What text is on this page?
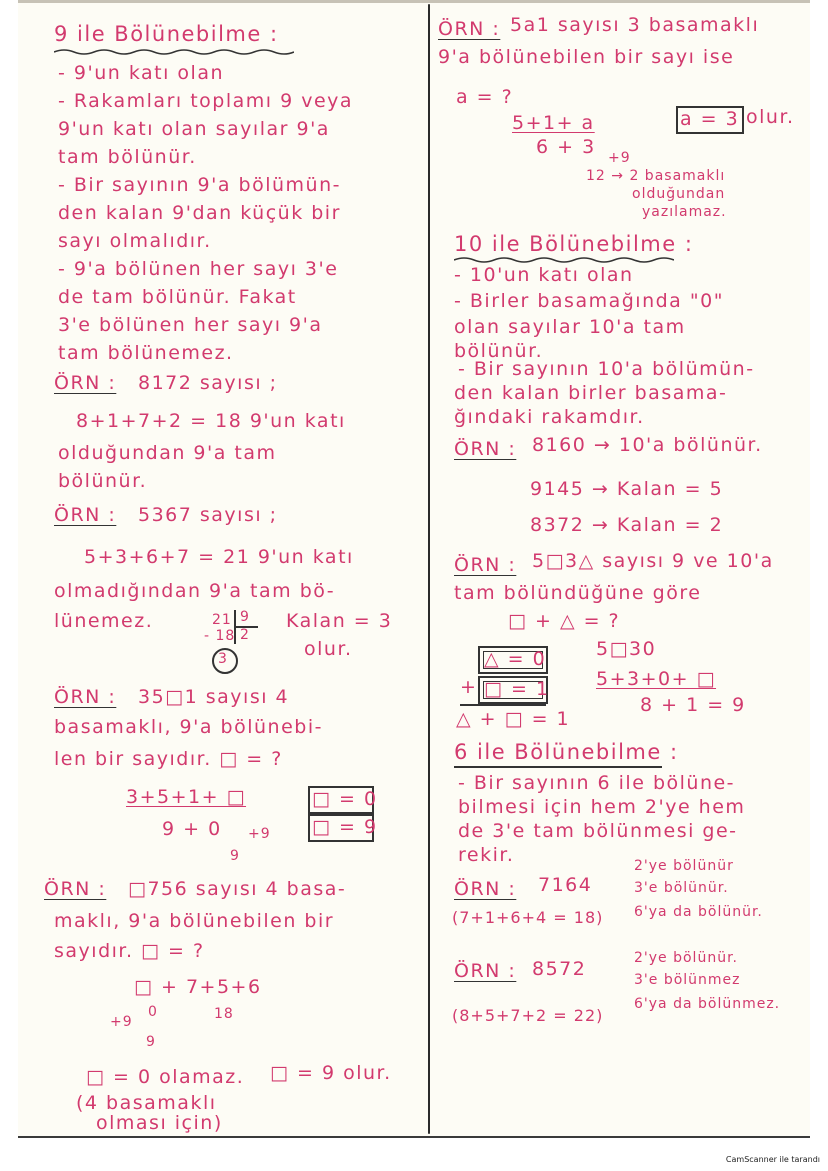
9 ile Bölünebilme :
- 9'un katı olan
- Rakamları toplamı 9 veya
9'un katı olan sayılar 9'a
tam bölünür.
- Bir sayının 9'a bölümün-
den kalan 9'dan küçük bir
sayı olmalıdır.
- 9'a bölünen her sayı 3'e
de tam bölünür. Fakat
3'e bölünen her sayı 9'a
tam bölünemez.
ÖRN : 8172 sayısı ;
8+1+7+2 = 18 9'un katı
olduğundan 9'a tam
bölünür.
ÖRN : 5367 sayısı ;
5+3+6+7 = 21 9'un katı
olmadığından 9'a tam bö-
lünemez.	21 9
2
- 18
3
Kalan = 3
olur.
ÖRN : 35□1 sayısı 4
basamaklı, 9'a bölünebi-
len bir sayıdır. □ = ?
3+5+1+ □
9 + 0 +9
9
□ = 0
□ = 9
ÖRN : □756 sayısı 4 basa-
maklı, 9'a bölünebilen bir
sayıdır. □ = ?
□ + 7+5+6
18
+9
0
9
□ = 0 olamaz. □ = 9 olur.
(4 basamaklı
olması için)
ÖRN : 5a1 sayısı 3 basamaklı
9'a bölünebilen bir sayı ise
a = ?
5+1+ a
6 + 3 +9
a = 3 olur.
12 → 2 basamaklı
olduğundan
yazılamaz.
10 ile Bölünebilme :
- 10'un katı olan
- Birler basamağında "0"
olan sayılar 10'a tam
bölünür.
- Bir sayının 10'a bölümün-
den kalan birler basama-
ğındaki rakamdır.
ÖRN : 8160 → 10'a bölünür.
9145 → Kalan = 5
8372 → Kalan = 2
ÖRN : 5□3△ sayısı 9 ve 10'a
tam bölündüğüne göre
□ + △ = ?
△ = 0
+ □ = 1
△ + □ = 1
5□30
5+3+0+ □
8 + 1 = 9
6 ile Bölünebilme :
- Bir sayının 6 ile bölüne-
bilmesi için hem 2'ye hem
de 3'e tam bölünmesi ge-
rekir.
ÖRN : 7164
2'ye bölünür
3'e bölünür.
6'ya da bölünür.
(7+1+6+4 = 18)
ÖRN : 8572	2'ye bölünür.
3'e bölünmez
6'ya da bölünmez.
(8+5+7+2 = 22)
CamScanner ile tarandı
